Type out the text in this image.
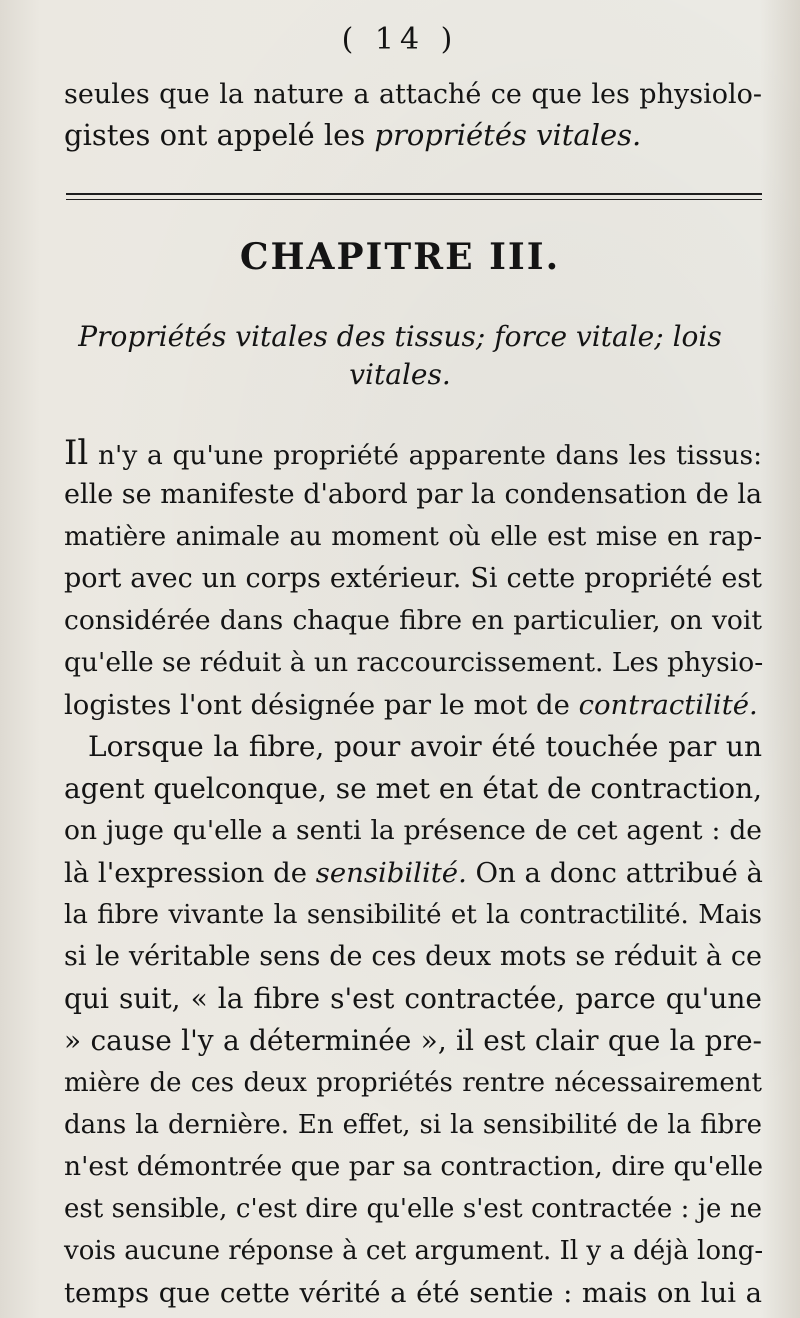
( 14 )
seules que la nature a attaché ce que les physiolo-
gistes ont appelé les propriétés vitales.
CHAPITRE III.
Propriétés vitales des tissus; force vitale; lois
vitales.
Il n'y a qu'une propriété apparente dans les tissus:
elle se manifeste d'abord par la condensation de la
matière animale au moment où elle est mise en rap-
port avec un corps extérieur. Si cette propriété est
considérée dans chaque fibre en particulier, on voit
qu'elle se réduit à un raccourcissement. Les physio-
logistes l'ont désignée par le mot de contractilité.
Lorsque la fibre, pour avoir été touchée par un
agent quelconque, se met en état de contraction,
on juge qu'elle a senti la présence de cet agent : de
là l'expression de sensibilité. On a donc attribué à
la fibre vivante la sensibilité et la contractilité. Mais
si le véritable sens de ces deux mots se réduit à ce
qui suit, « la fibre s'est contractée, parce qu'une
» cause l'y a déterminée », il est clair que la pre-
mière de ces deux propriétés rentre nécessairement
dans la dernière. En effet, si la sensibilité de la fibre
n'est démontrée que par sa contraction, dire qu'elle
est sensible, c'est dire qu'elle s'est contractée : je ne
vois aucune réponse à cet argument. Il y a déjà long-
temps que cette vérité a été sentie : mais on lui a
